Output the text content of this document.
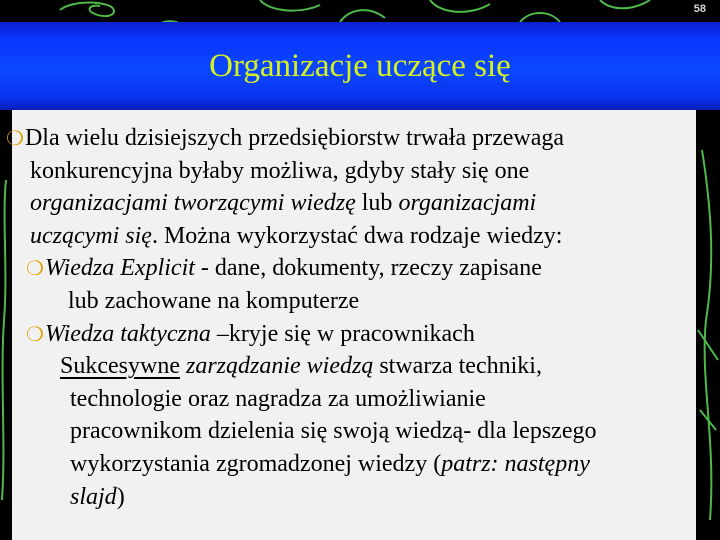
58
Organizacje uczące się
❍Dla wielu dzisiejszych przedsiębiorstw trwała przewaga
konkurencyjna byłaby możliwa, gdyby stały się one
organizacjami tworzącymi wiedzę lub organizacjami
uczącymi się. Można wykorzystać dwa rodzaje wiedzy:
❍Wiedza Explicit - dane, dokumenty, rzeczy zapisane
lub zachowane na komputerze
❍Wiedza taktyczna –kryje się w pracownikach
Sukcesywne zarządzanie wiedzą stwarza techniki,
technologie oraz nagradza za umożliwianie
pracownikom dzielenia się swoją wiedzą- dla lepszego
wykorzystania zgromadzonej wiedzy (patrz: następny
slajd)
